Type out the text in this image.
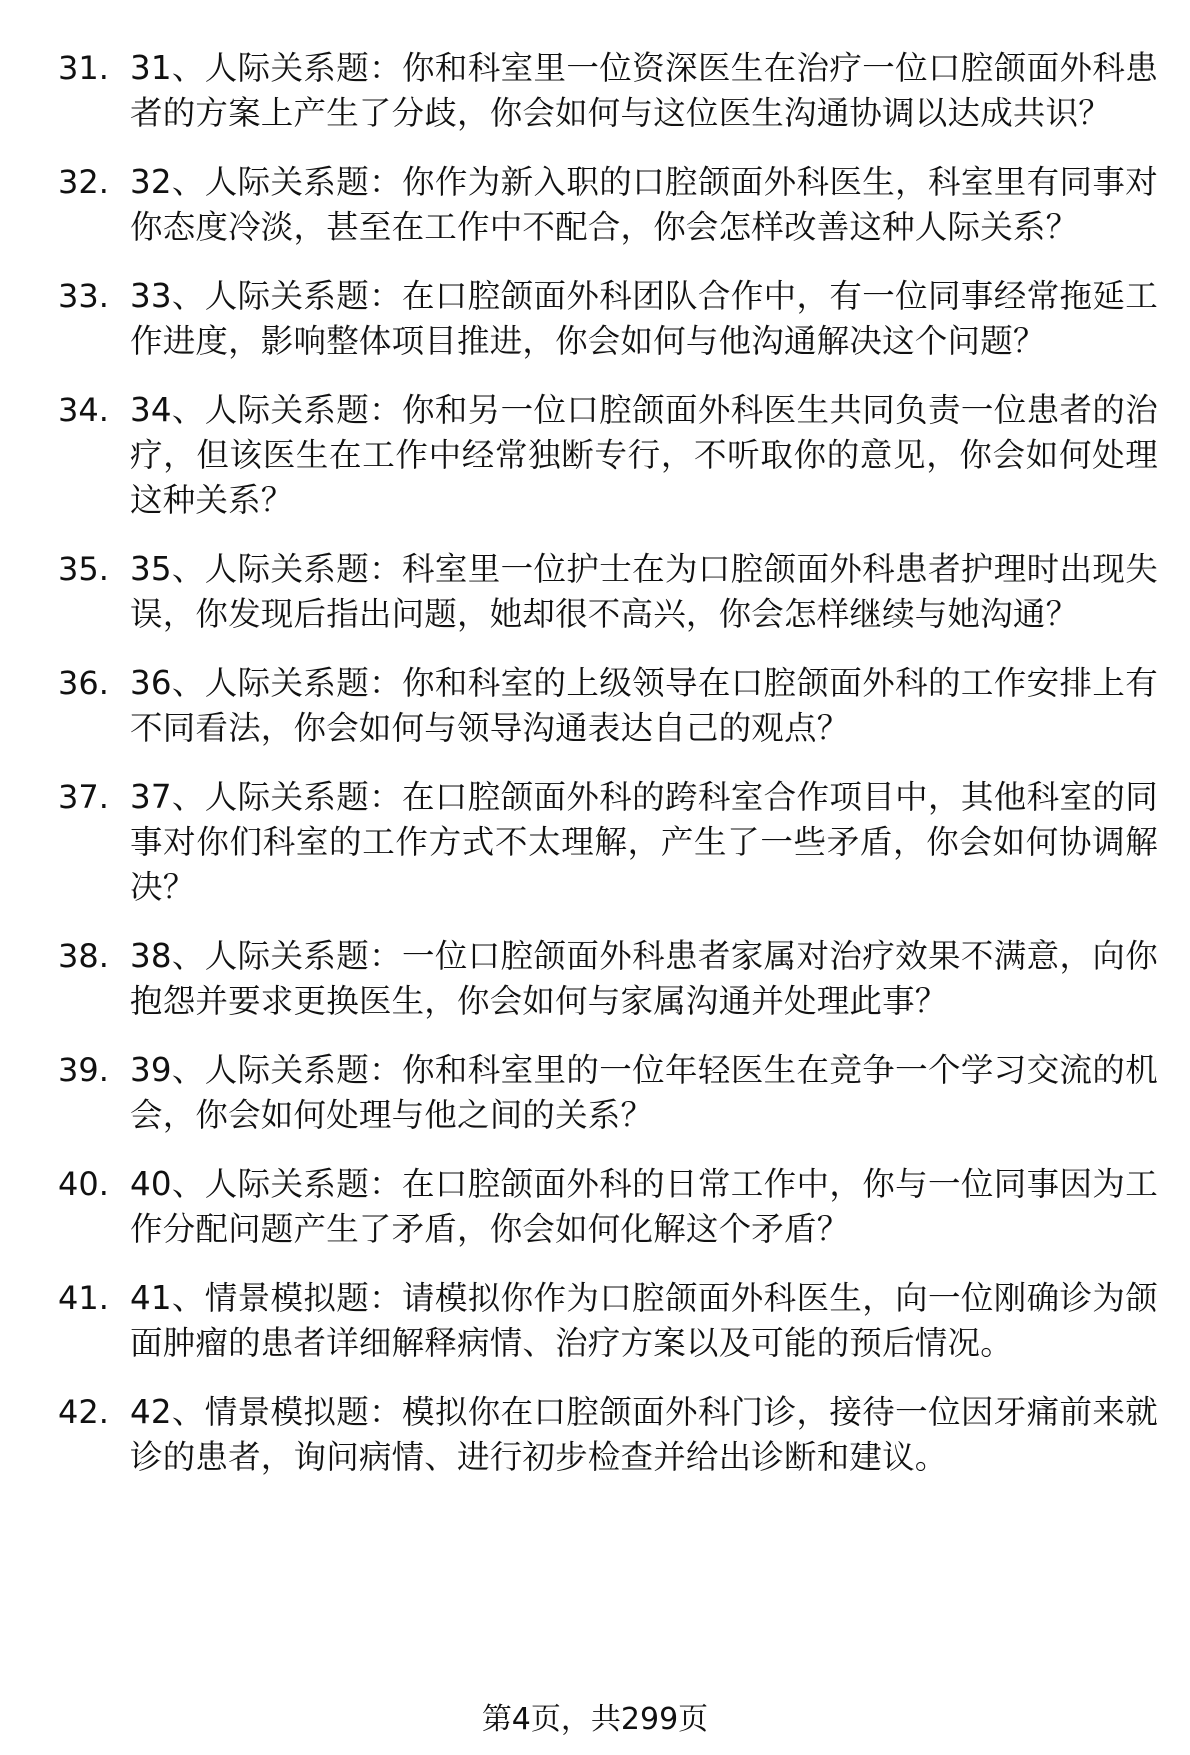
31. 31、人际关系题：你和科室里一位资深医生在治疗一位口腔颌面外科患者的方案上产生了分歧，你会如何与这位医生沟通协调以达成共识？
32. 32、人际关系题：你作为新入职的口腔颌面外科医生，科室里有同事对你态度冷淡，甚至在工作中不配合，你会怎样改善这种人际关系？
33. 33、人际关系题：在口腔颌面外科团队合作中，有一位同事经常拖延工作进度，影响整体项目推进，你会如何与他沟通解决这个问题？
34. 34、人际关系题：你和另一位口腔颌面外科医生共同负责一位患者的治疗，但该医生在工作中经常独断专行，不听取你的意见，你会如何处理这种关系？
35. 35、人际关系题：科室里一位护士在为口腔颌面外科患者护理时出现失误，你发现后指出问题，她却很不高兴，你会怎样继续与她沟通？
36. 36、人际关系题：你和科室的上级领导在口腔颌面外科的工作安排上有不同看法，你会如何与领导沟通表达自己的观点？
37. 37、人际关系题：在口腔颌面外科的跨科室合作项目中，其他科室的同事对你们科室的工作方式不太理解，产生了一些矛盾，你会如何协调解决？
38. 38、人际关系题：一位口腔颌面外科患者家属对治疗效果不满意，向你抱怨并要求更换医生，你会如何与家属沟通并处理此事？
39. 39、人际关系题：你和科室里的一位年轻医生在竞争一个学习交流的机会，你会如何处理与他之间的关系？
40. 40、人际关系题：在口腔颌面外科的日常工作中，你与一位同事因为工作分配问题产生了矛盾，你会如何化解这个矛盾？
41. 41、情景模拟题：请模拟你作为口腔颌面外科医生，向一位刚确诊为颌面肿瘤的患者详细解释病情、治疗方案以及可能的预后情况。
42. 42、情景模拟题：模拟你在口腔颌面外科门诊，接待一位因牙痛前来就诊的患者，询问病情、进行初步检查并给出诊断和建议。
第4页，共299页
